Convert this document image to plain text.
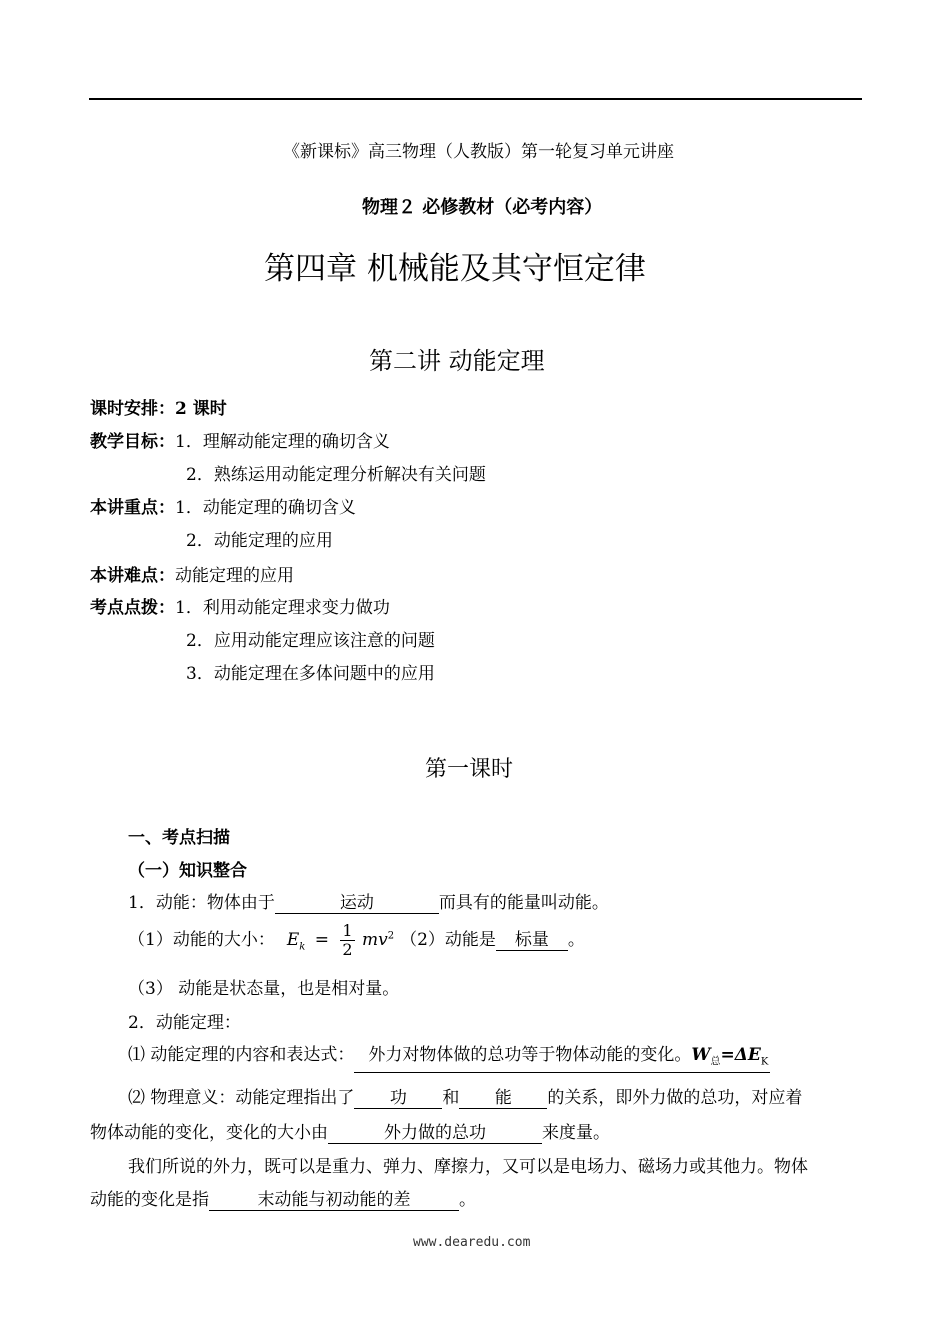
《新课标》高三物理（人教版）第一轮复习单元讲座
物理２ 必修教材（必考内容）
第四章 机械能及其守恒定律
第二讲 动能定理
课时安排：2 课时
教学目标：1．理解动能定理的确切含义
2．熟练运用动能定理分析解决有关问题
本讲重点：1．动能定理的确切含义
2．动能定理的应用
本讲难点：动能定理的应用
考点点拨：1．利用动能定理求变力做功
2．应用动能定理应该注意的问题
3．动能定理在多体问题中的应用
第一课时
一、考点扫描
（一）知识整合
1．动能：物体由于	运动	而具有的能量叫动能。
（1）动能的大小： $E_k = \frac{1}{2} mv^2$ （2）动能是	标量	。
（3） 动能是状态量，也是相对量。
2．动能定理：
⑴ 动能定理的内容和表达式： 外力对物体做的总功等于物体动能的变化。$W_总=\Delta E_K$
⑵ 物理意义：动能定理指出了 功 和 能 的关系，即外力做的总功，对应着
物体动能的变化，变化的大小由	外力做的总功	来度量。
我们所说的外力，既可以是重力、弹力、摩擦力，又可以是电场力、磁场力或其他力。物体
动能的变化是指	末动能与初动能的差	。
www.dearedu.com
